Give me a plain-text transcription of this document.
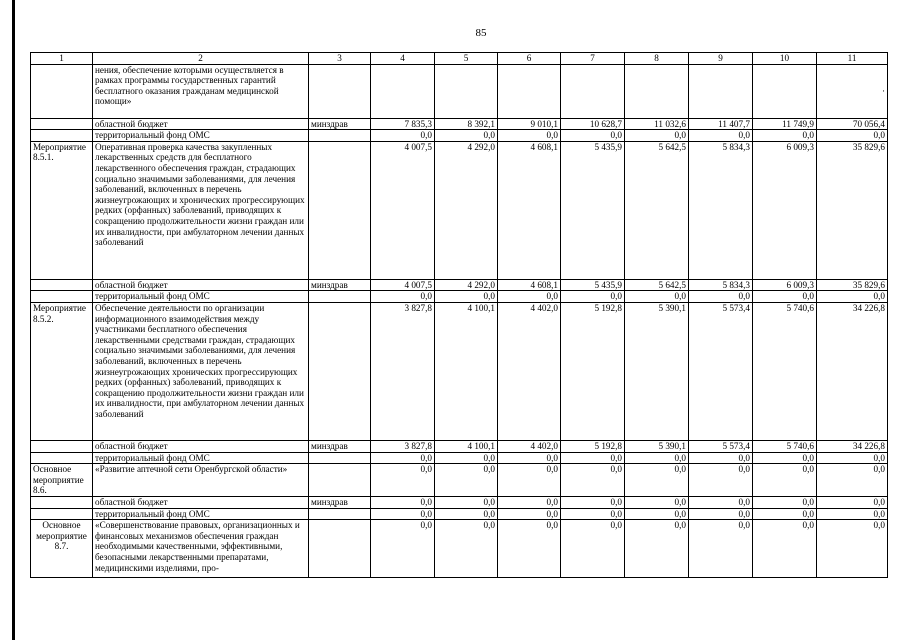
85
1	2	3	4	5	6	7	8	9	10	11
	нения, обеспечение которыми осуществляется в рамках программы государственных гарантий бесплатного оказания гражданам медицинской помощи»									·
	областной бюджет	минздрав	7 835,3	8 392,1	9 010,1	10 628,7	11 032,6	11 407,7	11 749,9	70 056,4
	территориальный фонд ОМС		0,0	0,0	0,0	0,0	0,0	0,0	0,0	0,0
Мероприятие 8.5.1.	Оперативная проверка качества закупленных лекарственных средств для бесплатного лекарственного обеспечения граждан, страдающих социально значимыми заболеваниями, для лечения заболеваний, включенных в перечень жизнеугрожающих и хронических прогрессирующих редких (орфанных) заболеваний, приводящих к сокращению продолжительности жизни граждан или их инвалидности, при амбулаторном лечении данных заболеваний		4 007,5	4 292,0	4 608,1	5 435,9	5 642,5	5 834,3	6 009,3	35 829,6
	областной бюджет	минздрав	4 007,5	4 292,0	4 608,1	5 435,9	5 642,5	5 834,3	6 009,3	35 829,6
	территориальный фонд ОМС		0,0	0,0	0,0	0,0	0,0	0,0	0,0	0,0
Мероприятие 8.5.2.	Обеспечение деятельности по организации информационного взаимодействия между участниками бесплатного обеспечения лекарственными средствами граждан, страдающих социально значимыми заболеваниями, для лечения заболеваний, включенных в перечень жизнеугрожающих хронических прогрессирующих редких (орфанных) заболеваний, приводящих к сокращению продолжительности жизни граждан или их инвалидности, при амбулаторном лечении данных заболеваний		3 827,8	4 100,1	4 402,0	5 192,8	5 390,1	5 573,4	5 740,6	34 226,8
	областной бюджет	минздрав	3 827,8	4 100,1	4 402,0	5 192,8	5 390,1	5 573,4	5 740,6	34 226,8
	территориальный фонд ОМС		0,0	0,0	0,0	0,0	0,0	0,0	0,0	0,0
Основное мероприятие 8.6.	«Развитие аптечной сети Оренбургской области»		0,0	0,0	0,0	0,0	0,0	0,0	0,0	0,0
	областной бюджет	минздрав	0,0	0,0	0,0	0,0	0,0	0,0	0,0	0,0
	территориальный фонд ОМС		0,0	0,0	0,0	0,0	0,0	0,0	0,0	0,0
Основное мероприятие 8.7.	«Совершенствование правовых, организационных и финансовых механизмов обеспечения граждан необходимыми качественными, эффективными, безопасными лекарственными препаратами, медицинскими изделиями, про-		0,0	0,0	0,0	0,0	0,0	0,0	0,0	0,0
